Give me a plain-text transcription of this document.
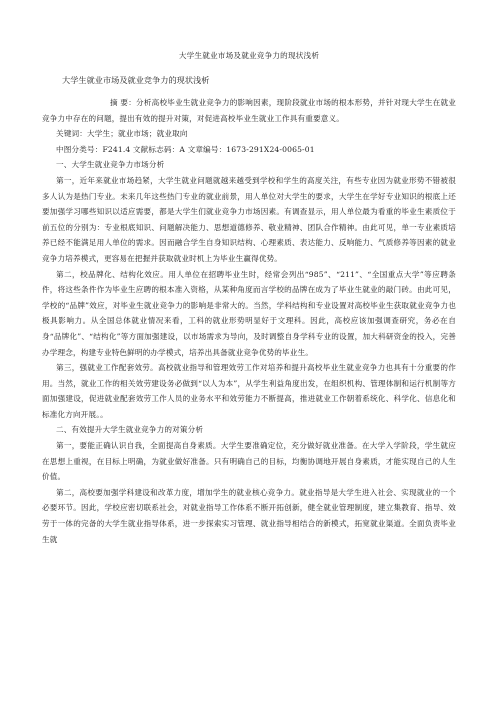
大学生就业市场及就业竞争力的现状浅析
大学生就业市场及就业竞争力的现状浅析

摘 要：分析高校毕业生就业竞争力的影响因素，现阶段就业市场的根本形势，并针对现大学生在就业竞争力中存在的问题，提出有效的提升对策，对促进高校毕业生就业工作具有重要意义。

关键词：大学生；就业市场；就业取向

中图分类号：F241.4 文献标志码：A 文章编号：1673-291X24-0065-01

一、大学生就业竞争力市场分析

第一，近年来就业市场趋紧，大学生就业问题就越来越受到学校和学生的高度关注，有些专业因为就业形势不错被很多人认为是热门专业。未来几年这些热门专业的就业前景，用人单位对大学生的要求，大学生在学好专业知识的根底上还要加强学习哪些知识以适应需要，都是大学生们就业竞争力市场因素。有调查显示，用人单位最为看重的毕业生素质位于前五位的分别为：专业根底知识、问题解决能力、思想道德修养、敬业精神、团队合作精神。由此可见，单一专业素质培养已经不能满足用人单位的需求。因而融合学生自身知识结构、心理素质、表达能力、反响能力、气质修养等因素的就业竞争力培养模式，更容易在把握并获取就业时机上为毕业生赢得优势。

第二，校品牌化、结构化效应。用人单位在招聘毕业生时，经常会列出“985”、“211”、“全国重点大学”等应聘条件，将这些条件作为毕业生应聘的根本准入资格，从某种角度而言学校的品牌在成为了毕业生就业的敲门砖。由此可见，学校的“品牌”效应，对毕业生就业竞争力的影响是非常大的。当然，学科结构和专业设置对高校毕业生获取就业竞争力也极具影响力。从全国总体就业情况来看，工科的就业形势明显好于文理科。因此，高校应该加强调查研究，务必在自身“品牌化”、“结构化”等方面加强建设，以市场需求为导向，及时调整自身学科专业的设置，加大科研资金的投入，完善办学理念，构建专业特色鲜明的办学模式，培养出具备就业竞争优势的毕业生。

第三，强就业工作配套效劳。高校就业指导和管理效劳工作对培养和提升高校毕业生就业竞争力也具有十分重要的作用。当然，就业工作的相关效劳建设务必做到“以人为本”，从学生利益角度出发，在组织机构、管理体制和运行机制等方面加强建设，促进就业配套效劳工作人员的业务水平和效劳能力不断提高，推进就业工作朝着系统化、科学化、信息化和标准化方向开展。。

二、有效提升大学生就业竞争力的对策分析

第一，要能正确认识自我，全面提高自身素质。大学生要准确定位，充分做好就业准备。在大学入学阶段，学生就应在思想上重视，在目标上明确，为就业做好准备。只有明确自己的目标，均衡协调地开展自身素质，才能实现自己的人生价值。

第二，高校要加强学科建设和改革力度，增加学生的就业核心竞争力。就业指导是大学生进入社会、实现就业的一个必要环节。因此，学校应密切联系社会，对就业指导工作体系不断开拓创新，健全就业管理制度，建立集教育、指导、效劳于一体的完备的大学生就业指导体系，进一步探索实习管理、就业指导相结合的新模式，拓宽就业渠道。全面负责毕业生就
